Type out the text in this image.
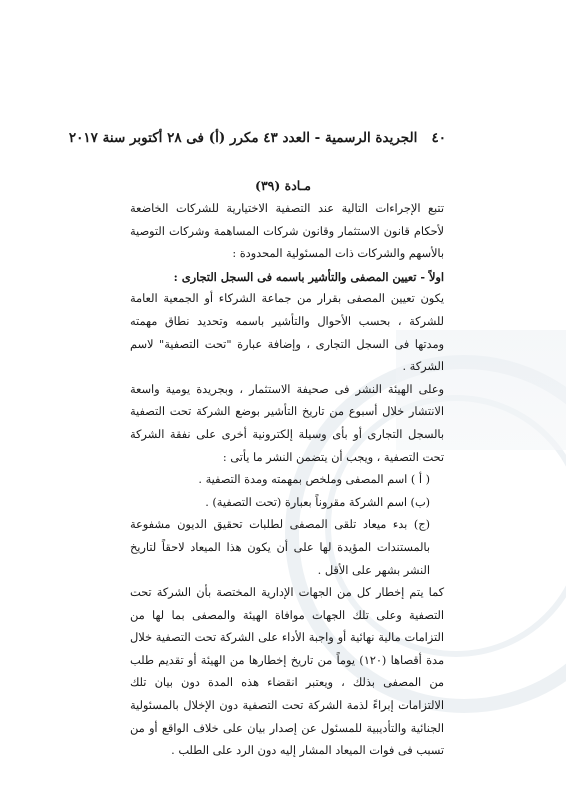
٤٠   الجريدة الرسمية - العدد ٤٣ مكرر (أ) فى ٢٨ أكتوبر سنة ٢٠١٧
مـادة (٣٩)

تتبع الإجراءات التالية عند التصفية الاختيارية للشركات الخاضعة لأحكام قانون الاستثمار وقانون شركات المساهمة وشركات التوصية بالأسهم والشركات ذات المسئولية المحدودة :

اولاً - تعيين المصفى والتأشير باسمه فى السجل التجارى :

يكون تعيين المصفى بقرار من جماعة الشركاء أو الجمعية العامة للشركة ، بحسب الأحوال والتأشير باسمه وتحديد نطاق مهمته ومدتها فى السجل التجارى ، وإضافة عبارة "تحت التصفية" لاسم الشركة .

وعلى الهيئة النشر فى صحيفة الاستثمار ، وبجريدة يومية واسعة الانتشار خلال أسبوع من تاريخ التأشير بوضع الشركة تحت التصفية بالسجل التجارى أو بأى وسيلة إلكترونية أخرى على نفقة الشركة تحت التصفية ، ويجب أن يتضمن النشر ما يأتى :

( أ ) اسم المصفى وملخص بمهمته ومدة التصفية .

(ب) اسم الشركة مقروناً بعبارة (تحت التصفية) .

(ج) بدء ميعاد تلقى المصفى لطلبات تحقيق الديون مشفوعة بالمستندات المؤيدة لها على أن يكون هذا الميعاد لاحقاً لتاريخ النشر بشهر على الأقل .

كما يتم إخطار كل من الجهات الإدارية المختصة بأن الشركة تحت التصفية وعلى تلك الجهات موافاة الهيئة والمصفى بما لها من التزامات مالية نهائية أو واجبة الأداء على الشركة تحت التصفية خلال مدة أقصاها (١٢٠) يوماً من تاريخ إخطارها من الهيئة أو تقديم طلب من المصفى بذلك ، ويعتبر انقضاء هذه المدة دون بيان تلك الالتزامات إبراءً لذمة الشركة تحت التصفية دون الإخلال بالمسئولية الجنائية والتأديبية للمسئول عن إصدار بيان على خلاف الواقع أو من تسبب فى فوات الميعاد المشار إليه دون الرد على الطلب .
